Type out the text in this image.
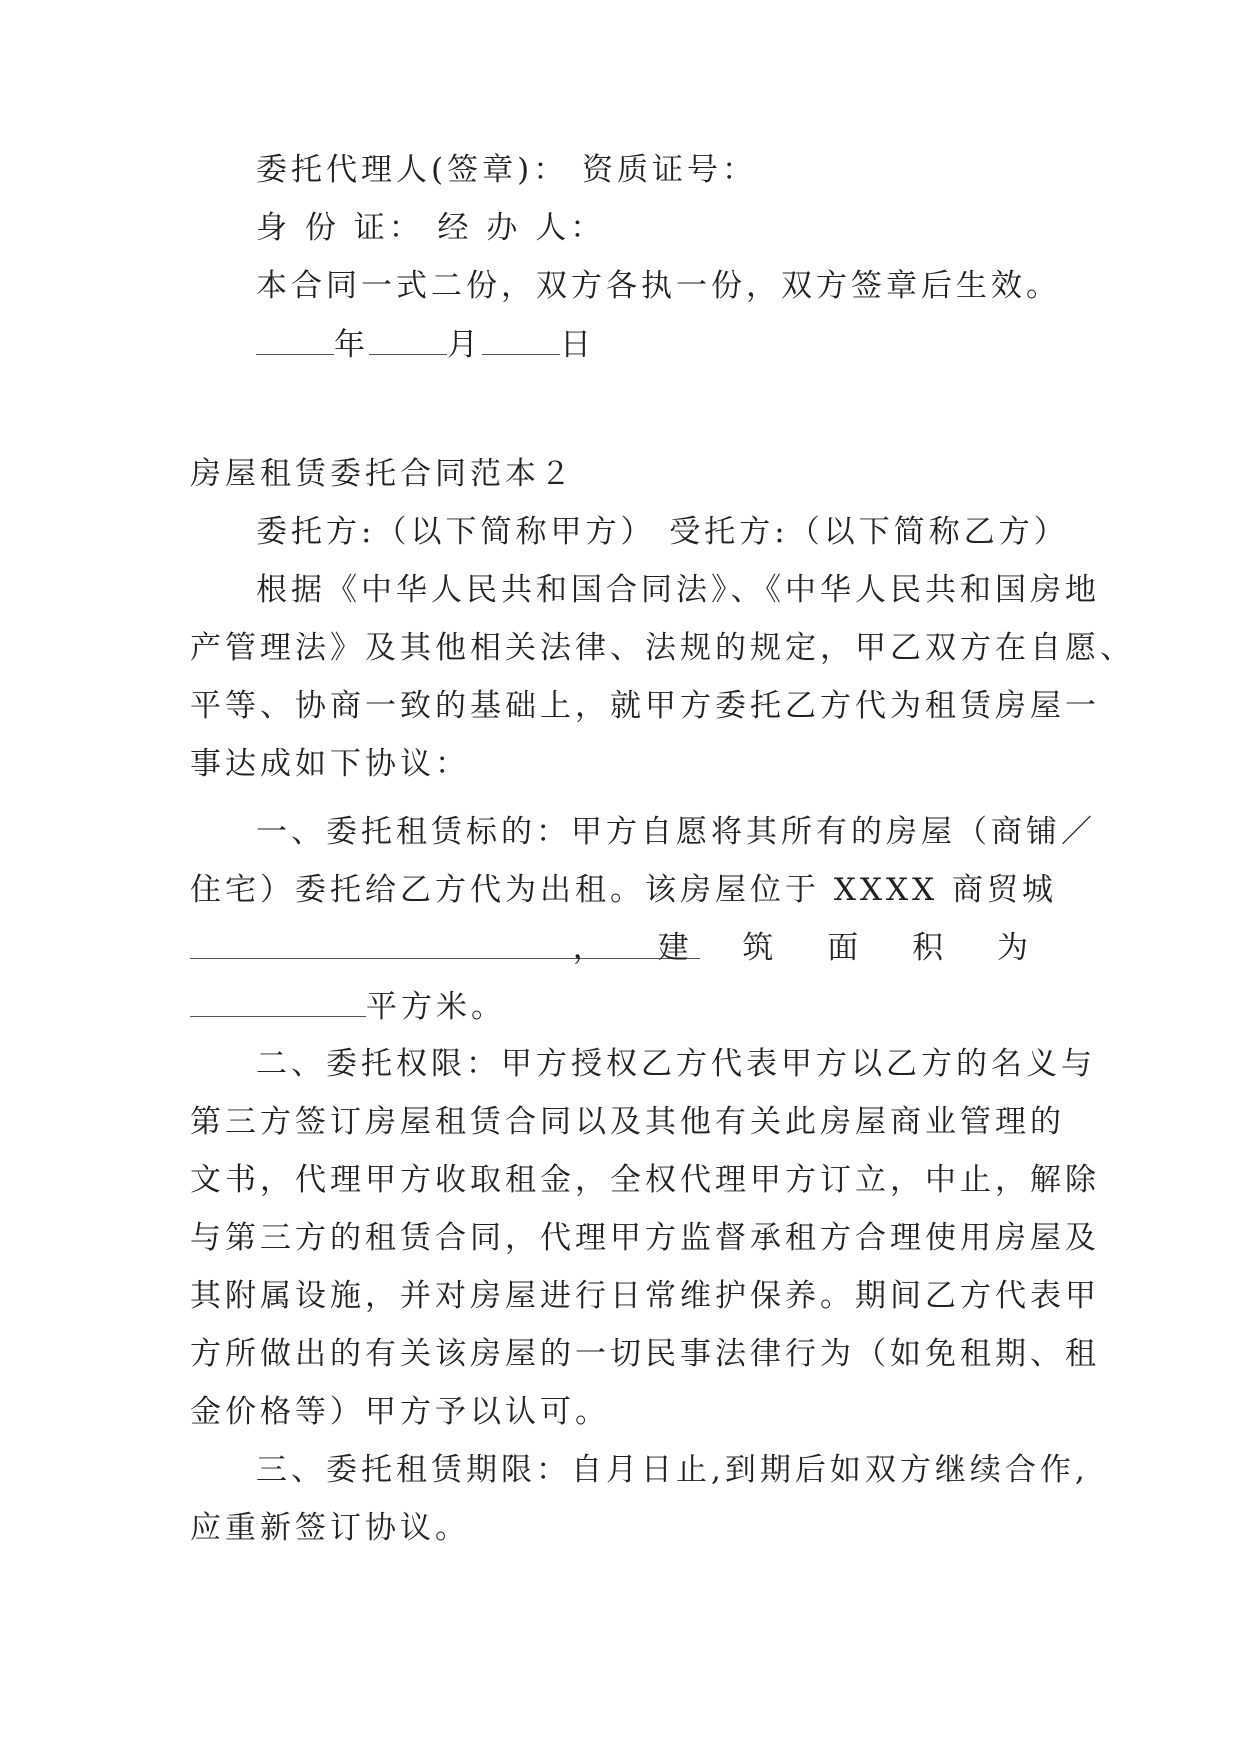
委托代理人(签章)： 资质证号：
身 份 证： 经 办 人：
本合同一式二份，双方各执一份，双方签章后生效。
年	月	日
房屋租赁委托合同范本２
委托方:（以下简称甲方） 受托方:（以下简称乙方）
根据《中华人民共和国合同法》、《中华人民共和国房地
产管理法》及其他相关法律、法规的规定，甲乙双方在自愿、
平等、协商一致的基础上，就甲方委托乙方代为租赁房屋一
事达成如下协议：
一、委托租赁标的：甲方自愿将其所有的房屋（商铺／
住宅）委托给乙方代为出租。该房屋位于 XXXX 商贸城
， 建 筑 面 积 为
平方米。
二、委托权限：甲方授权乙方代表甲方以乙方的名义与
第三方签订房屋租赁合同以及其他有关此房屋商业管理的
文书，代理甲方收取租金，全权代理甲方订立，中止，解除
与第三方的租赁合同，代理甲方监督承租方合理使用房屋及
其附属设施，并对房屋进行日常维护保养。期间乙方代表甲
方所做出的有关该房屋的一切民事法律行为（如免租期、租
金价格等）甲方予以认可。
三、委托租赁期限：自月日止,到期后如双方继续合作,
应重新签订协议。
